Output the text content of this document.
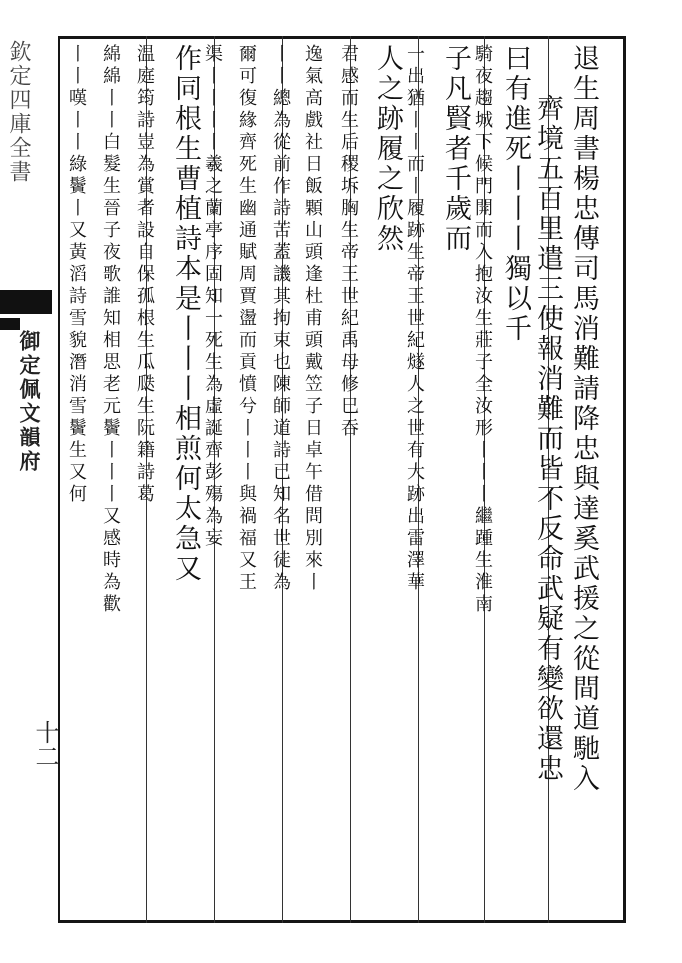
欽定四庫全書
御定佩文韻府
十二	退生周書楊忠傳司馬消難請降忠與達奚武援之從間道馳入
齊境五百里遣三使報消難而皆不反命武疑有變欲還忠
曰有進死丨丨丨獨以千
騎夜趨城下候門開而入抱汝生莊子全汝形丨丨丨繼踵生淮南
子凡賢者千歲而
一出猶丨丨而丨履跡生帝王世紀燧人之世有大跡出雷澤華
人之跡履之欣然
君感而生后稷坼胸生帝王世紀禹母修巳吞
逸氣高戲社日飯顆山頭逢杜甫頭戴笠子日卓午借問別來丨
丨丨總為從前作詩苦蓋譏其拘束也陳師道詩已知名世徒為
爾可復緣齊死生幽通賦周賈盪而貢憤兮丨丨丨與禍福又王
渠丨丨丨丨羲之蘭亭序固知一死生為虛誕齊彭殤為妄
作同根生曹植詩本是丨丨丨相煎何太急又
温庭筠詩豈為賞者設自保孤根生瓜瓞生阮籍詩葛
綿綿丨丨白髮生晉子夜歌誰知相思老元鬢丨丨丨又感時為歡
丨丨嘆丨丨綠鬢丨又黃滔詩雪貌潛消雪鬢生又何
